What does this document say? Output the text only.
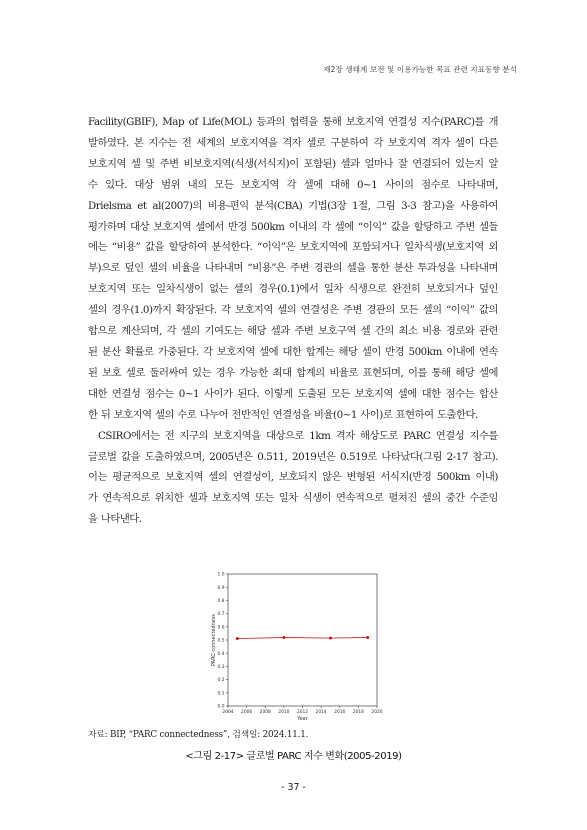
제2장 생태계 보전 및 이용가능한 목표 관련 지표동향 분석

Facility(GBIF), Map of Life(MOL) 등과의 협력을 통해 보호지역 연결성 지수(PARC)를 개

발하였다. 본 지수는 전 세계의 보호지역을 격자 셀로 구분하여 각 보호지역 격자 셀이 다른

보호지역 셀 및 주변 비보호지역(식생(서식지)이 포함된) 셀과 얼마나 잘 연결되어 있는지 알

수 있다. 대상 범위 내의 모든 보호지역 각 셀에 대해 0~1 사이의 점수로 나타내며,

Drielsma et al(2007)의 비용-편익 분석(CBA) 기법(3장 1절, 그림 3-3 참고)을 사용하여

평가하며 대상 보호지역 셀에서 반경 500km 이내의 각 셀에 “이익” 값을 할당하고 주변 셀들

에는 “비용” 값을 할당하여 분석한다. “이익”은 보호지역에 포함되거나 일차식생(보호지역 외

부)으로 덮인 셀의 비율을 나타내며 “비용”은 주변 경관의 셀을 통한 분산 투과성을 나타내며

보호지역 또는 일차식생이 없는 셀의 경우(0.1)에서 일차 식생으로 완전히 보호되거나 덮인

셀의 경우(1.0)까지 확장된다. 각 보호지역 셀의 연결성은 주변 경관의 모든 셀의 “이익” 값의

합으로 계산되며, 각 셀의 기여도는 해당 셀과 주변 보호구역 셀 간의 최소 비용 경로와 관련

된 분산 확률로 가중된다. 각 보호지역 셀에 대한 합계는 해당 셀이 반경 500km 이내에 연속

된 보호 셀로 둘러싸여 있는 경우 가능한 최대 합계의 비율로 표현되며, 이를 통해 해당 셀에

대한 연결성 점수는 0~1 사이가 된다. 이렇게 도출된 모든 보호지역 셀에 대한 점수는 합산

한 뒤 보호지역 셀의 수로 나누어 전반적인 연결성을 비율(0~1 사이)로 표현하여 도출한다.

CSIRO에서는 전 지구의 보호지역을 대상으로 1km 격자 해상도로 PARC 연결성 지수를

글로벌 값을 도출하였으며, 2005년은 0.511, 2019년은 0.519로 나타났다(그림 2-17 참고).

이는 평균적으로 보호지역 셀의 연결성이, 보호되지 않은 변형된 서식지(반경 500km 이내)

가 연속적으로 위치한 셀과 보호지역 또는 일차 식생이 연속적으로 펼쳐진 셀의 중간 수준임

을 나타낸다.

0.0
0.1
0.2
0.3
0.4
0.5
0.6
0.7
0.8
0.9
1.0
2004 2006 2008 2010 2012 2014 2016 2018 2020
Year
PARC connectedness
자료: BIP, “PARC connectedness”, 검색일: 2024.11.1.
<그림 2-17> 글로벌 PARC 지수 변화(2005-2019)
- 37 -
